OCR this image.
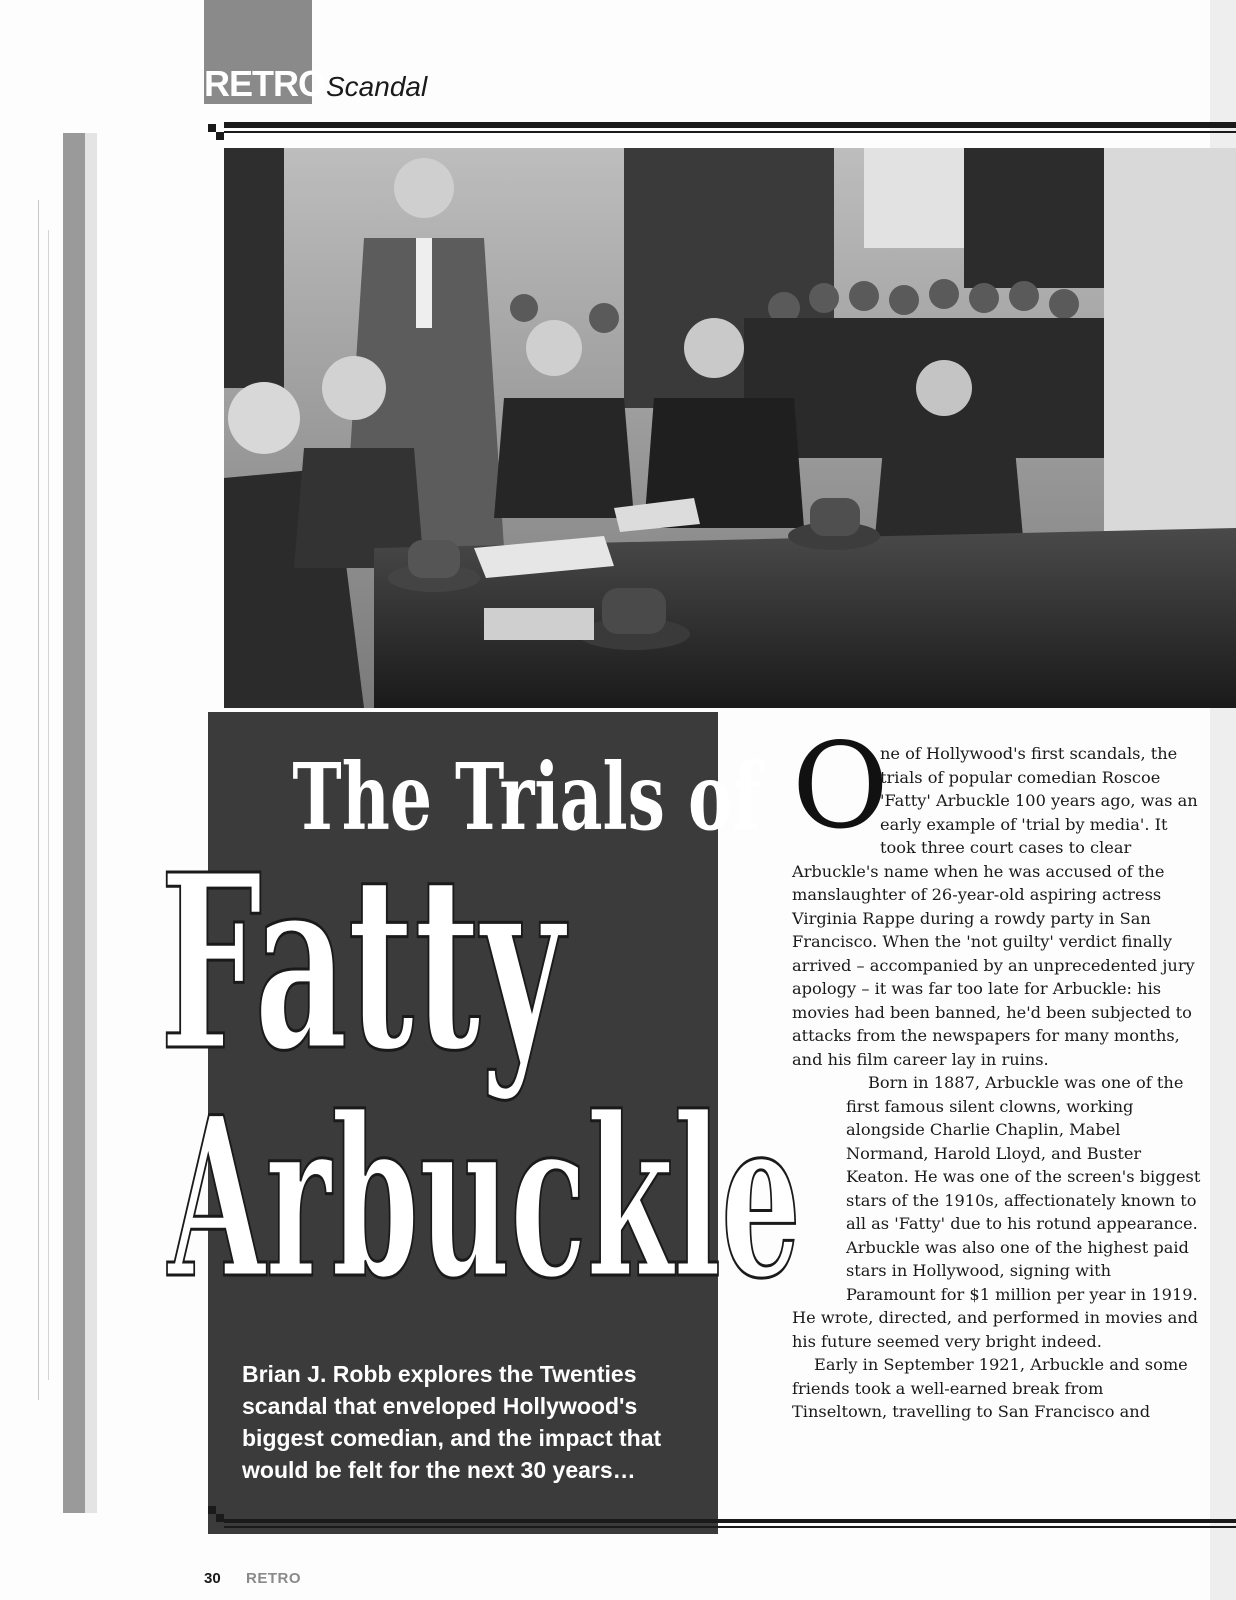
RETRO Scandal
The Trials of
Fatty
Arbuckle
Brian J. Robb explores the Twenties scandal that enveloped Hollywood's biggest comedian, and the impact that would be felt for the next 30 years…
O

ne of Hollywood's first scandals, the trials of popular comedian Roscoe 'Fatty' Arbuckle 100 years ago, was an early example of 'trial by media'. It took three court cases to clear Arbuckle's name when he was accused of the manslaughter of 26-year-old aspiring actress Virginia Rappe during a rowdy party in San Francisco. When the 'not guilty' verdict finally arrived – accompanied by an unprecedented jury apology – it was far too late for Arbuckle: his movies had been banned, he'd been subjected to attacks from the newspapers for many months, and his film career lay in ruins.

Born in 1887, Arbuckle was one of the first famous silent clowns, working alongside Charlie Chaplin, Mabel Normand, Harold Lloyd, and Buster Keaton. He was one of the screen's biggest stars of the 1910s, affectionately known to all as 'Fatty' due to his rotund appearance. Arbuckle was also one of the highest paid stars in Hollywood, signing with Paramount for $1 million per year in 1919. He wrote, directed, and performed in movies and his future seemed very bright indeed.

Early in September 1921, Arbuckle and some friends took a well-earned break from Tinseltown, travelling to San Francisco and

30 RETRO
